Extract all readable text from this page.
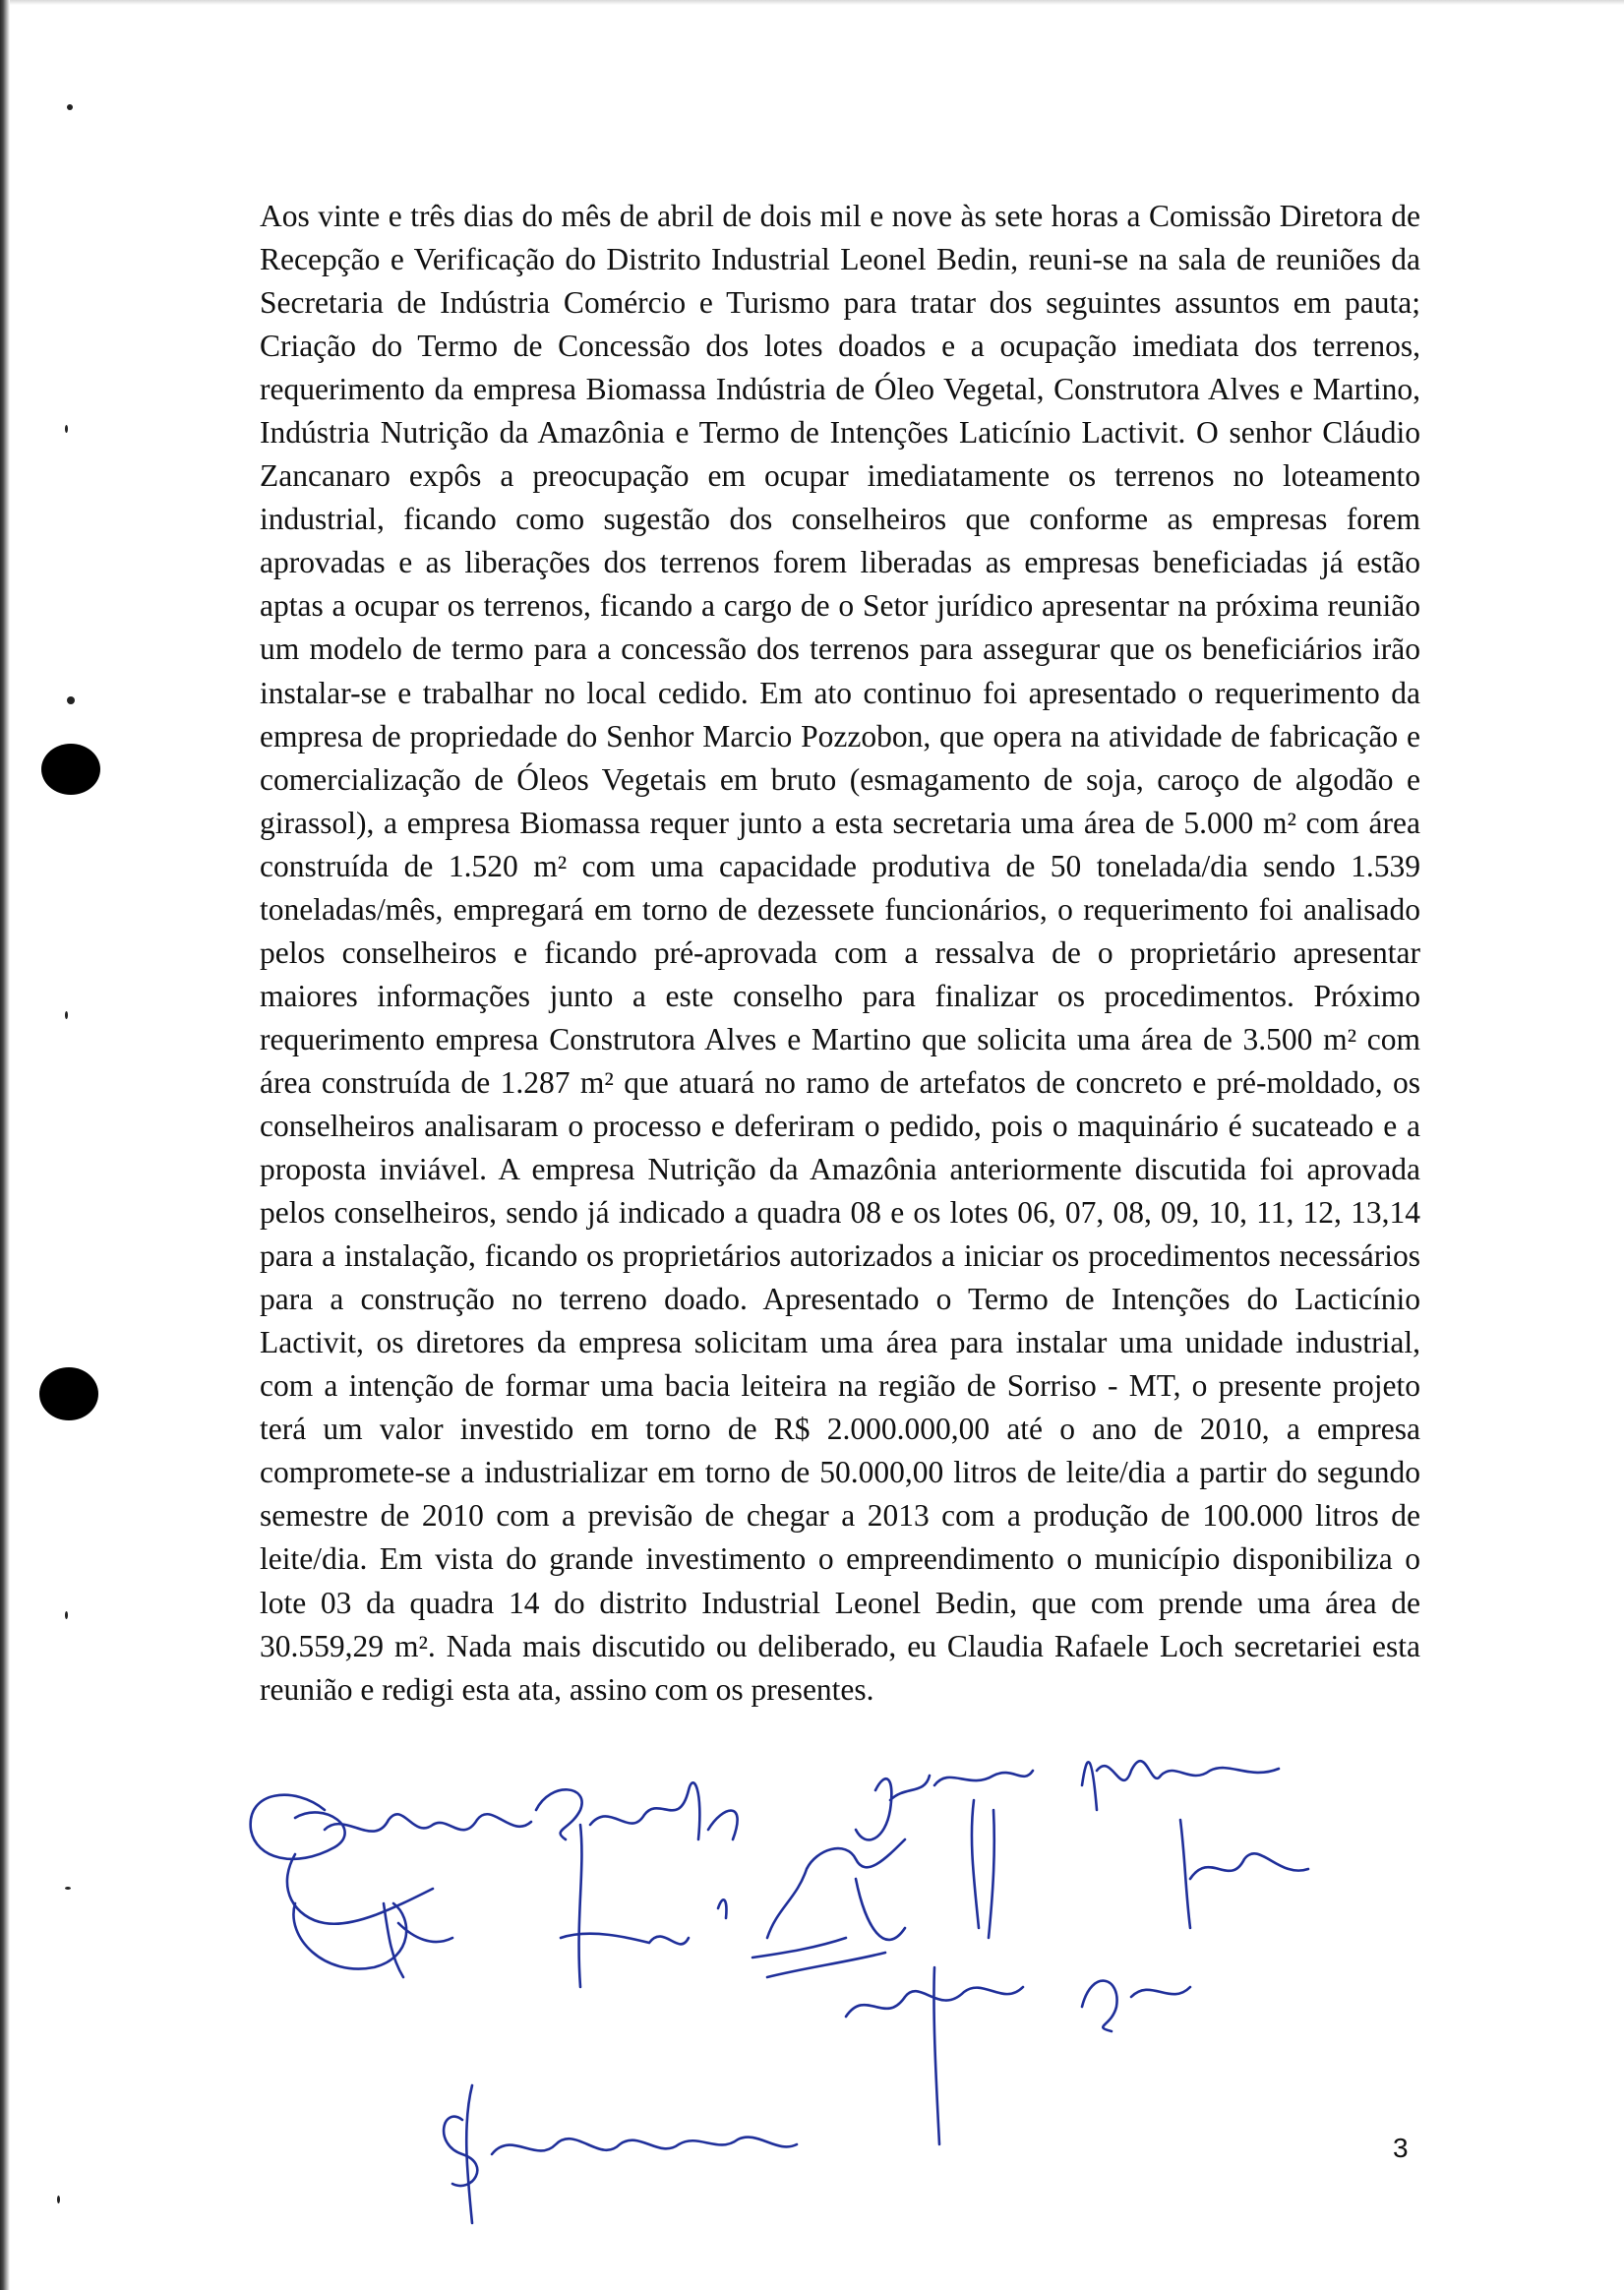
Aos vinte e três dias do mês de abril de dois mil e nove às sete horas a Comissão Diretora de Recepção e Verificação do Distrito Industrial Leonel Bedin, reuni-se na sala de reuniões da Secretaria de Indústria Comércio e Turismo para tratar dos seguintes assuntos em pauta; Criação do Termo de Concessão dos lotes doados e a ocupação imediata dos terrenos, requerimento da empresa Biomassa Indústria de Óleo Vegetal, Construtora Alves e Martino, Indústria Nutrição da Amazônia e Termo de Intenções Laticínio Lactivit. O senhor Cláudio Zancanaro expôs a preocupação em ocupar imediatamente os terrenos no loteamento industrial, ficando como sugestão dos conselheiros que conforme as empresas forem aprovadas e as liberações dos terrenos forem liberadas as empresas beneficiadas já estão aptas a ocupar os terrenos, ficando a cargo de o Setor jurídico apresentar na próxima reunião um modelo de termo para a concessão dos terrenos para assegurar que os beneficiários irão instalar-se e trabalhar no local cedido. Em ato continuo foi apresentado o requerimento da empresa de propriedade do Senhor Marcio Pozzobon, que opera na atividade de fabricação e comercialização de Óleos Vegetais em bruto (esmagamento de soja, caroço de algodão e girassol), a empresa Biomassa requer junto a esta secretaria uma área de 5.000 m² com área construída de 1.520 m² com uma capacidade produtiva de 50 tonelada/dia sendo 1.539 toneladas/mês, empregará em torno de dezessete funcionários, o requerimento foi analisado pelos conselheiros e ficando pré-aprovada com a ressalva de o proprietário apresentar maiores informações junto a este conselho para finalizar os procedimentos. Próximo requerimento empresa Construtora Alves e Martino que solicita uma área de 3.500 m² com área construída de 1.287 m² que atuará no ramo de artefatos de concreto e pré-moldado, os conselheiros analisaram o processo e deferiram o pedido, pois o maquinário é sucateado e a proposta inviável. A empresa Nutrição da Amazônia anteriormente discutida foi aprovada pelos conselheiros, sendo já indicado a quadra 08 e os lotes 06, 07, 08, 09, 10, 11, 12, 13,14 para a instalação, ficando os proprietários autorizados a iniciar os procedimentos necessários para a construção no terreno doado. Apresentado o Termo de Intenções do Lacticínio Lactivit, os diretores da empresa solicitam uma área para instalar uma unidade industrial, com a intenção de formar uma bacia leiteira na região de Sorriso - MT, o presente projeto terá um valor investido em torno de R$ 2.000.000,00 até o ano de 2010, a empresa compromete-se a industrializar em torno de 50.000,00 litros de leite/dia a partir do segundo semestre de 2010 com a previsão de chegar a 2013 com a produção de 100.000 litros de leite/dia. Em vista do grande investimento o empreendimento o município disponibiliza o lote 03 da quadra 14 do distrito Industrial Leonel Bedin, que com prende uma área de 30.559,29 m². Nada mais discutido ou deliberado, eu Claudia Rafaele Loch secretariei esta reunião e redigi esta ata, assino com os presentes.

3
